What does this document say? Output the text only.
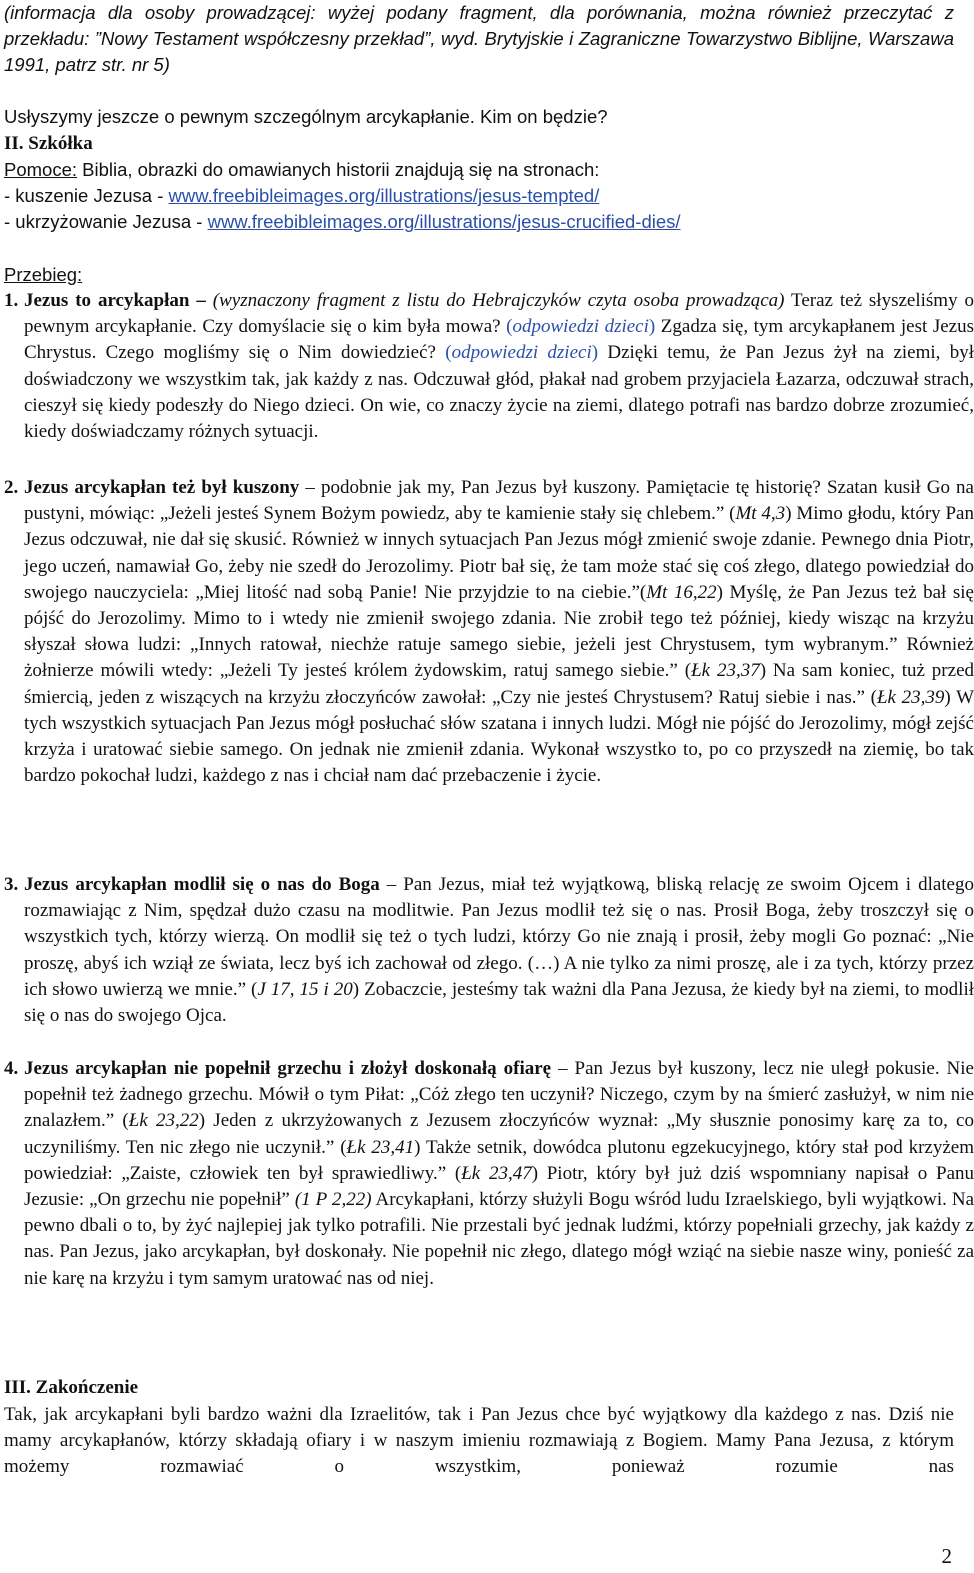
(informacja dla osoby prowadzącej: wyżej podany fragment, dla porównania, można również przeczytać z przekładu: ”Nowy Testament współczesny przekład”, wyd. Brytyjskie i Zagraniczne Towarzystwo Biblijne, Warszawa 1991, patrz str. nr 5)
Usłyszymy jeszcze o pewnym szczególnym arcykapłanie. Kim on będzie?
II. Szkółka
Pomoce: Biblia, obrazki do omawianych historii znajdują się na stronach:
- kuszenie Jezusa - www.freebibleimages.org/illustrations/jesus-tempted/
- ukrzyżowanie Jezusa - www.freebibleimages.org/illustrations/jesus-crucified-dies/
Przebieg:
1. Jezus to arcykapłan – (wyznaczony fragment z listu do Hebrajczyków czyta osoba prowadząca) Teraz też słyszeliśmy o pewnym arcykapłanie. Czy domyślacie się o kim była mowa? (odpowiedzi dzieci) Zgadza się, tym arcykapłanem jest Jezus Chrystus. Czego mogliśmy się o Nim dowiedzieć? (odpowiedzi dzieci) Dzięki temu, że Pan Jezus żył na ziemi, był doświadczony we wszystkim tak, jak każdy z nas. Odczuwał głód, płakał nad grobem przyjaciela Łazarza, odczuwał strach, cieszył się kiedy podeszły do Niego dzieci. On wie, co znaczy życie na ziemi, dlatego potrafi nas bardzo dobrze zrozumieć, kiedy doświadczamy różnych sytuacji.
2. Jezus arcykapłan też był kuszony – podobnie jak my, Pan Jezus był kuszony. Pamiętacie tę historię? Szatan kusił Go na pustyni, mówiąc: „Jeżeli jesteś Synem Bożym powiedz, aby te kamienie stały się chlebem.” (Mt 4,3) Mimo głodu, który Pan Jezus odczuwał, nie dał się skusić. Również w innych sytuacjach Pan Jezus mógł zmienić swoje zdanie. Pewnego dnia Piotr, jego uczeń, namawiał Go, żeby nie szedł do Jerozolimy. Piotr bał się, że tam może stać się coś złego, dlatego powiedział do swojego nauczyciela: „Miej litość nad sobą Panie! Nie przyjdzie to na ciebie.”(Mt 16,22) Myślę, że Pan Jezus też bał się pójść do Jerozolimy. Mimo to i wtedy nie zmienił swojego zdania. Nie zrobił tego też później, kiedy wisząc na krzyżu słyszał słowa ludzi: „Innych ratował, niechże ratuje samego siebie, jeżeli jest Chrystusem, tym wybranym.” Również żołnierze mówili wtedy: „Jeżeli Ty jesteś królem żydowskim, ratuj samego siebie.” (Łk 23,37) Na sam koniec, tuż przed śmiercią, jeden z wiszących na krzyżu złoczyńców zawołał: „Czy nie jesteś Chrystusem? Ratuj siebie i nas.” (Łk 23,39) W tych wszystkich sytuacjach Pan Jezus mógł posłuchać słów szatana i innych ludzi. Mógł nie pójść do Jerozolimy, mógł zejść krzyża i uratować siebie samego. On jednak nie zmienił zdania. Wykonał wszystko to, po co przyszedł na ziemię, bo tak bardzo pokochał ludzi, każdego z nas i chciał nam dać przebaczenie i życie.
3. Jezus arcykapłan modlił się o nas do Boga – Pan Jezus, miał też wyjątkową, bliską relację ze swoim Ojcem i dlatego rozmawiając z Nim, spędzał dużo czasu na modlitwie. Pan Jezus modlił też się o nas. Prosił Boga, żeby troszczył się o wszystkich tych, którzy wierzą. On modlił się też o tych ludzi, którzy Go nie znają i prosił, żeby mogli Go poznać: „Nie proszę, abyś ich wziął ze świata, lecz byś ich zachował od złego. (…) A nie tylko za nimi proszę, ale i za tych, którzy przez ich słowo uwierzą we mnie.” (J 17, 15 i 20) Zobaczcie, jesteśmy tak ważni dla Pana Jezusa, że kiedy był na ziemi, to modlił się o nas do swojego Ojca.
4. Jezus arcykapłan nie popełnił grzechu i złożył doskonałą ofiarę – Pan Jezus był kuszony, lecz nie uległ pokusie. Nie popełnił też żadnego grzechu. Mówił o tym Piłat: „Cóż złego ten uczynił? Niczego, czym by na śmierć zasłużył, w nim nie znalazłem.” (Łk 23,22) Jeden z ukrzyżowanych z Jezusem złoczyńców wyznał: „My słusznie ponosimy karę za to, co uczyniliśmy. Ten nic złego nie uczynił.” (Łk 23,41) Także setnik, dowódca plutonu egzekucyjnego, który stał pod krzyżem powiedział: „Zaiste, człowiek ten był sprawiedliwy.” (Łk 23,47) Piotr, który był już dziś wspomniany napisał o Panu Jezusie: „On grzechu nie popełnił” (1 P 2,22) Arcykapłani, którzy służyli Bogu wśród ludu Izraelskiego, byli wyjątkowi. Na pewno dbali o to, by żyć najlepiej jak tylko potrafili. Nie przestali być jednak ludźmi, którzy popełniali grzechy, jak każdy z nas. Pan Jezus, jako arcykapłan, był doskonały. Nie popełnił nic złego, dlatego mógł wziąć na siebie nasze winy, ponieść za nie karę na krzyżu i tym samym uratować nas od niej.
III. Zakończenie
Tak, jak arcykapłani byli bardzo ważni dla Izraelitów, tak i Pan Jezus chce być wyjątkowy dla każdego z nas. Dziś nie mamy arcykapłanów, którzy składają ofiary i w naszym imieniu rozmawiają z Bogiem. Mamy Pana Jezusa, z którym możemy rozmawiać o wszystkim, ponieważ rozumie nas
2
